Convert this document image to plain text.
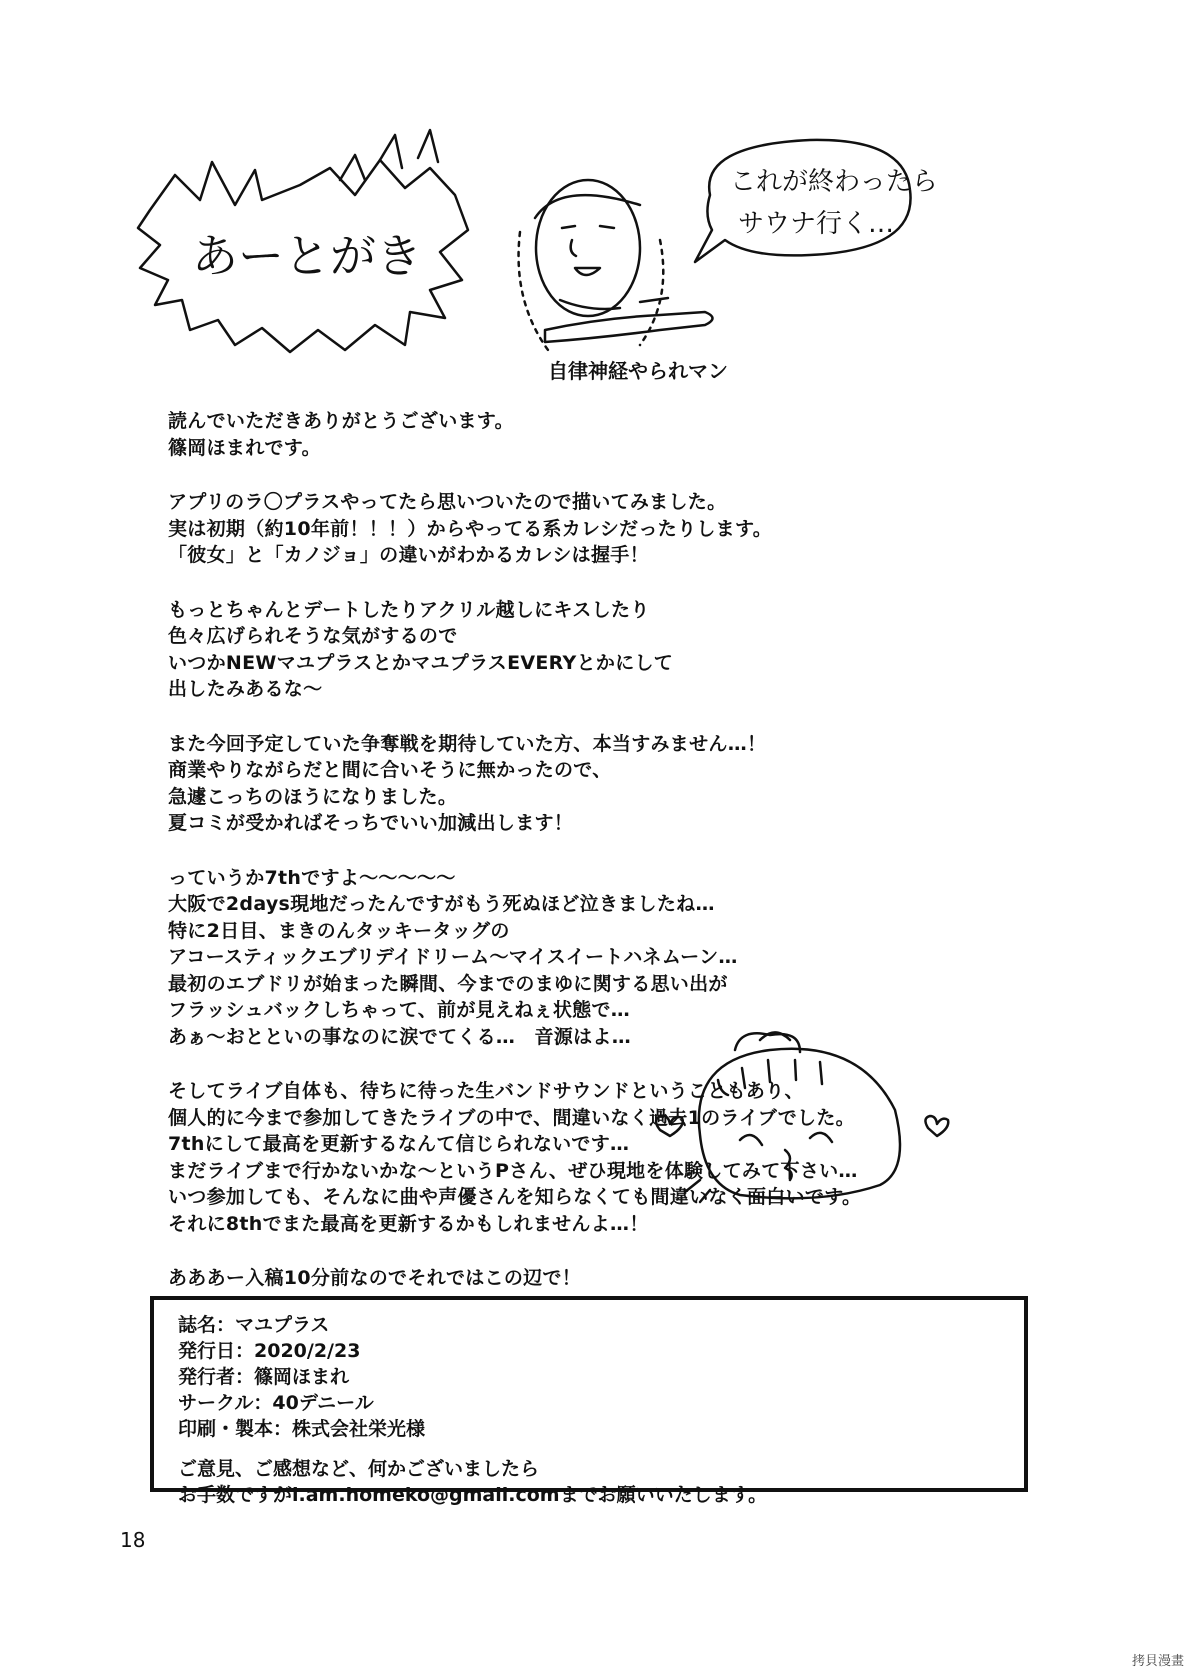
あーとがき
自律神経やられマン
これが終わったら
サウナ行く…
読んでいただきありがとうございます。
篠岡ほまれです。
アプリのラ〇プラスやってたら思いついたので描いてみました。
実は初期（約10年前！！！）からやってる系カレシだったりします。
「彼女」と「カノジョ」の違いがわかるカレシは握手！
もっとちゃんとデートしたりアクリル越しにキスしたり
色々広げられそうな気がするので
いつかNEWマユプラスとかマユプラスEVERYとかにして
出したみあるな〜
また今回予定していた争奪戦を期待していた方、本当すみません…！
商業やりながらだと間に合いそうに無かったので、
急遽こっちのほうになりました。
夏コミが受かればそっちでいい加減出します！
っていうか7thですよ〜〜〜〜〜
大阪で2days現地だったんですがもう死ぬほど泣きましたね…
特に2日目、まきのんタッキータッグの
アコースティックエブリデイドリーム〜マイスイートハネムーン…
最初のエブドリが始まった瞬間、今までのまゆに関する思い出が
フラッシュバックしちゃって、前が見えねぇ状態で…
あぁ〜おとといの事なのに涙でてくる…　音源はよ…
そしてライブ自体も、待ちに待った生バンドサウンドということもあり、
個人的に今まで参加してきたライブの中で、間違いなく過去1のライブでした。
7thにして最高を更新するなんて信じられないです…
まだライブまで行かないかな〜というPさん、ぜひ現地を体験してみて下さい…
いつ参加しても、そんなに曲や声優さんを知らなくても間違いなく面白いです。
それに8thでまた最高を更新するかもしれませんよ…！
あああー入稿10分前なのでそれではこの辺で！
誌名：マユプラス
発行日：2020/2/23
発行者：篠岡ほまれ
サークル：40デニール
印刷・製本：株式会社栄光様
ご意見、ご感想など、何かございましたら
お手数ですがi.am.homeko@gmail.comまでお願いいたします。
18
拷貝漫畫
